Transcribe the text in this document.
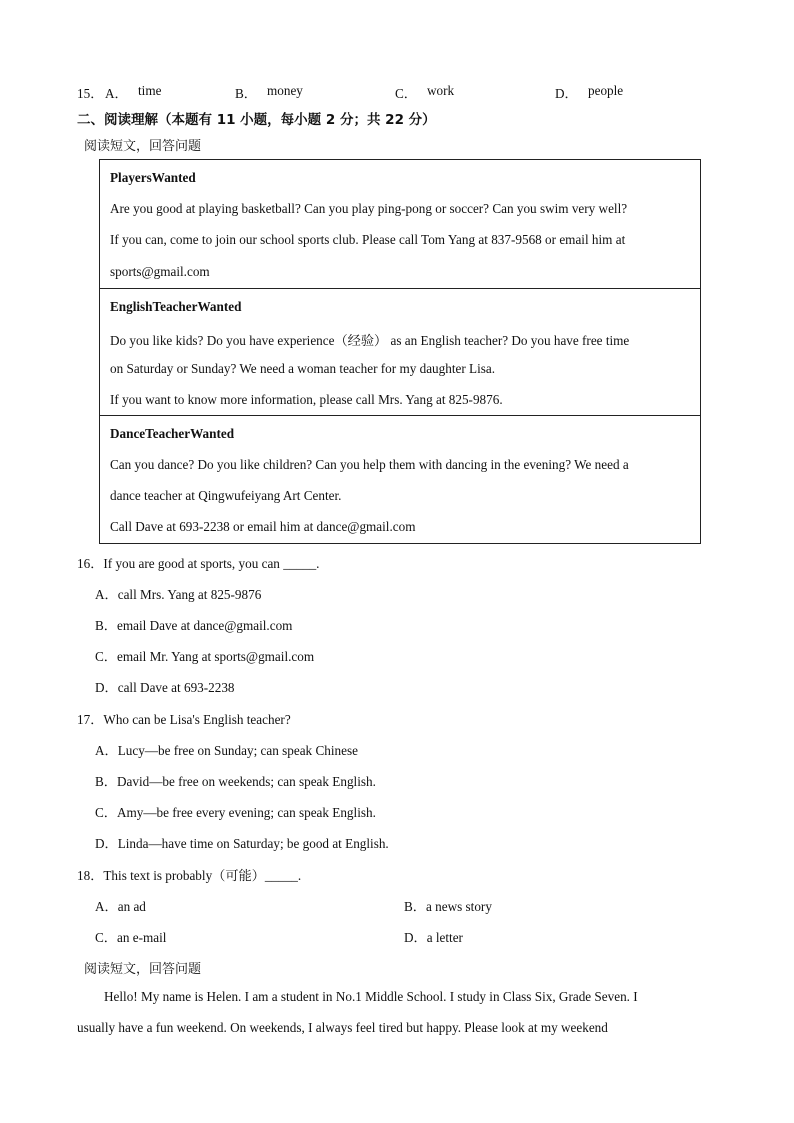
15． A． time	B． money	C． work	D． people
二、阅读理解（本题有 11 小题，每小题 2 分；共 22 分）
阅读短文，回答问题
PlayersWanted
Are you good at playing basketball? Can you play ping-pong or soccer? Can you swim very well?
If you can, come to join our school sports club. Please call Tom Yang at 837-9568 or email him at
sports@gmail.com
EnglishTeacherWanted
Do you like kids? Do you have experience（经验） as an English teacher? Do you have free time
on Saturday or Sunday? We need a woman teacher for my daughter Lisa.
If you want to know more information, please call Mrs. Yang at 825-9876.
DanceTeacherWanted
Can you dance? Do you like children? Can you help them with dancing in the evening? We need a
dance teacher at Qingwufeiyang Art Center.
Call Dave at 693-2238 or email him at dance@gmail.com
16．If you are good at sports, you can _____.
A．call Mrs. Yang at 825-9876
B．email Dave at dance@gmail.com
C．email Mr. Yang at sports@gmail.com
D．call Dave at 693-2238
17．Who can be Lisa's English teacher?
A．Lucy—be free on Sunday; can speak Chinese
B．David—be free on weekends; can speak English.
C．Amy—be free every evening; can speak English.
D．Linda—have time on Saturday; be good at English.
18．This text is probably（可能）_____.
A．an ad	B．a news story
C．an e-mail	D．a letter
阅读短文，回答问题
Hello! My name is Helen. I am a student in No.1 Middle School. I study in Class Six, Grade Seven. I
usually have a fun weekend. On weekends, I always feel tired but happy. Please look at my weekend
